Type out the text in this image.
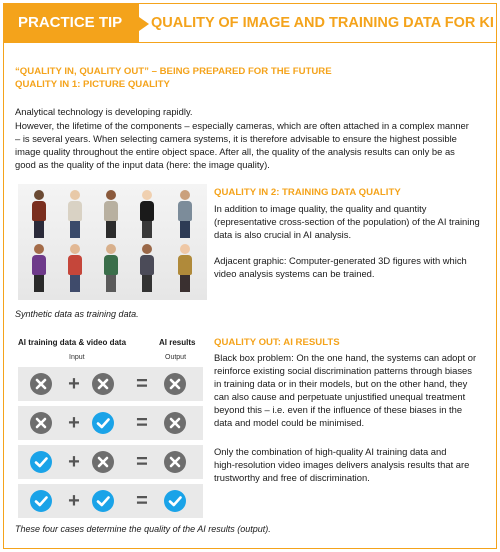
PRACTICE TIP	QUALITY OF IMAGE AND TRAINING DATA FOR KI
“QUALITY IN, QUALITY OUT” – BEING PREPARED FOR THE FUTURE
QUALITY IN 1: PICTURE QUALITY
Analytical technology is developing rapidly.
However, the lifetime of the components – especially cameras, which are often attached in a complex manner
– is several years. When selecting camera systems, it is therefore advisable to ensure the highest possible
image quality throughout the entire object space. After all, the quality of the analysis results can only be as
good as the quality of the input data (here: the image quality).
QUALITY IN 2: TRAINING DATA QUALITY
In addition to image quality, the quality and quantity
(representative cross-section of the population) of the AI training
data is also crucial in AI analysis.
Adjacent graphic: Computer-generated 3D figures with which
video analysis systems can be trained.
Synthetic data as training data.
AI training data & video data	AI results
Input	Output
+	=
+	=
+	=
+	=
These four cases determine the quality of the AI results (output).
QUALITY OUT: AI RESULTS
Black box problem: On the one hand, the systems can adopt or
reinforce existing social discrimination patterns through biases
in training data or in their models, but on the other hand, they
can also cause and perpetuate unjustified unequal treatment
beyond this – i.e. even if the influence of these biases in the
data and model could be minimised.
Only the combination of high-quality AI training data and
high-resolution video images delivers analysis results that are
trustworthy and free of discrimination.
